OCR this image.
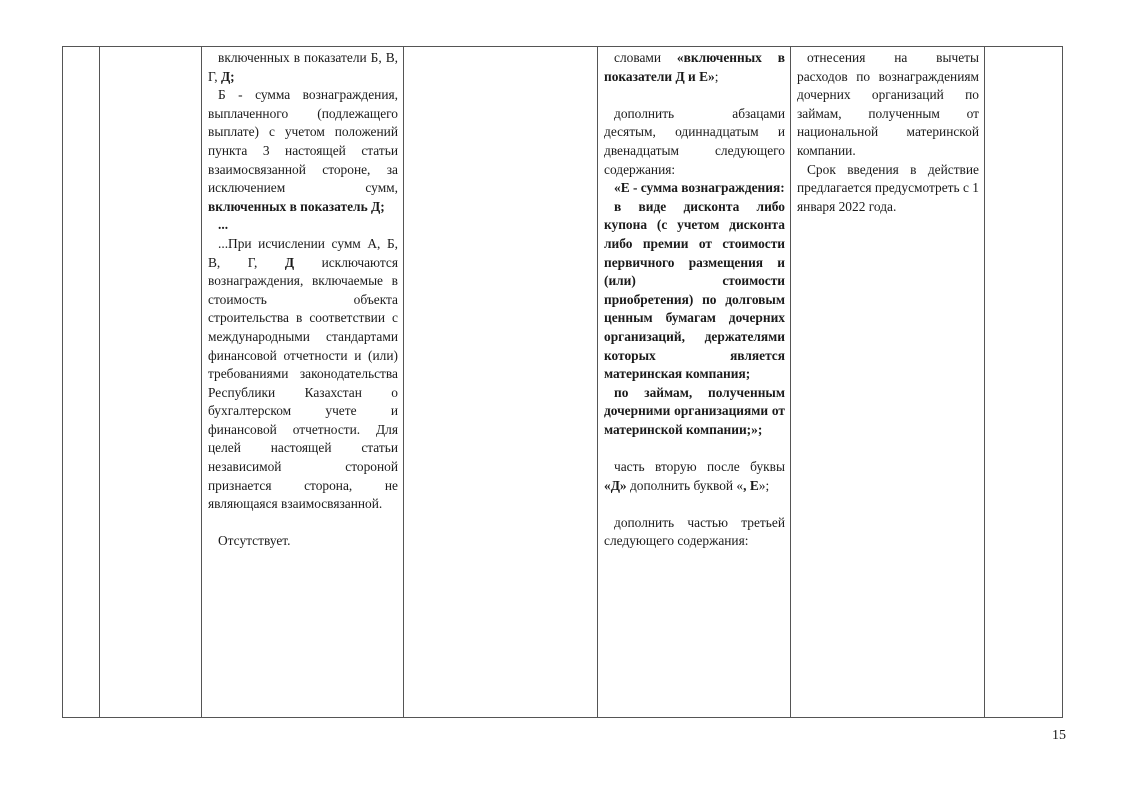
включенных в показатели Б, В, Г, Д;

Б - сумма вознаграждения, выплаченного (подлежащего выплате) с учетом положений пункта 3 настоящей статьи взаимосвязанной стороне, за исключением сумм, включенных в показатель Д;

...

...При исчислении сумм А, Б, В, Г, Д исключаются вознаграждения, включаемые в стоимость объекта строительства в соответствии с международными стандартами финансовой отчетности и (или) требованиями законодательства Республики Казахстан о бухгалтерском учете и финансовой отчетности. Для целей настоящей статьи независимой стороной признается сторона, не являющаяся взаимосвязанной.

Отсутствует.

словами «включенных в показатели Д и Е»;

дополнить абзацами десятым, одиннадцатым и двенадцатым следующего содержания:

«Е - сумма вознаграждения:

в виде дисконта либо купона (с учетом дисконта либо премии от стоимости первичного размещения и (или) стоимости приобретения) по долговым ценным бумагам дочерних организаций, держателями которых является материнская компания;

по займам, полученным дочерними организациями от материнской компании;»;

часть вторую после буквы «Д» дополнить буквой «, Е»;

дополнить частью третьей следующего содержания:

отнесения на вычеты расходов по вознаграждениям дочерних организаций по займам, полученным от национальной материнской компании.

Срок введения в действие предлагается предусмотреть с 1 января 2022 года.

15
